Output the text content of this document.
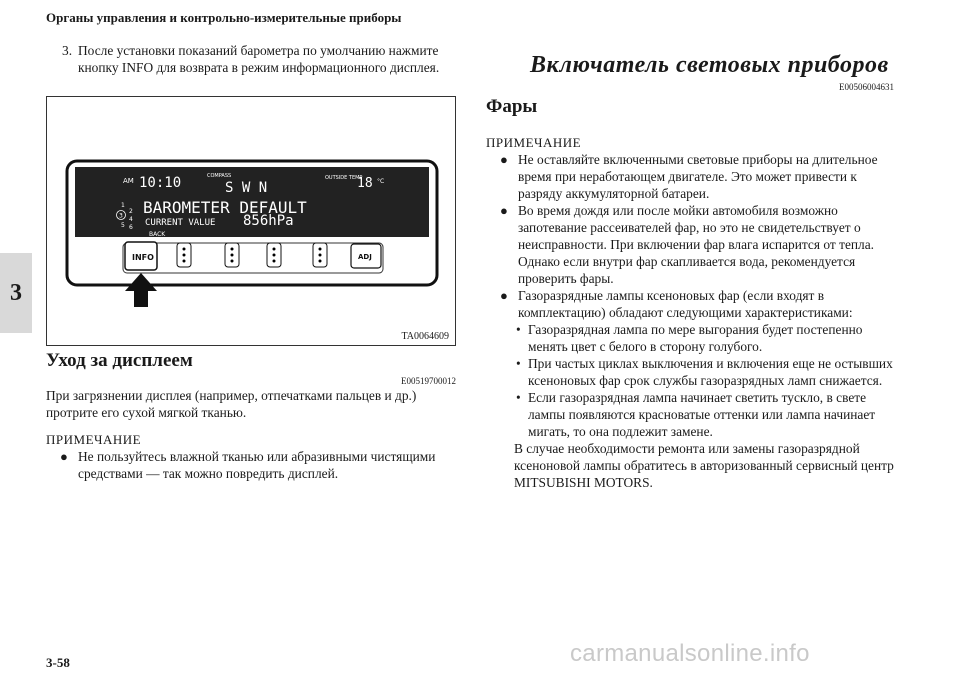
Органы управления и контрольно-измерительные приборы
3
3. После установки показаний барометра по умолчанию нажмите кнопку INFO для возврата в режим информационного дисплея.
AM 10:10	COMPASS
S W N
OUTSIDE TEMP
18 °C
BAROMETER DEFAULT
CURRENT VALUE 856hPa
1
2
3 4
5 6
BACK
INFO	ADJ
TA0064609
Уход за дисплеем
E00519700012
При загрязнении дисплея (например, отпечатками пальцев и др.) протрите его сухой мягкой тканью.
ПРИМЕЧАНИЕ
● Не пользуйтесь влажной тканью или абразивными чистящими средствами — так можно повредить дисплей.
Включатель световых приборов
E00506004631
Фары
ПРИМЕЧАНИЕ
● Не оставляйте включенными световые приборы на длительное время при неработающем двигателе. Это может привести к разряду аккумуляторной батареи.
● Во время дождя или после мойки автомобиля возможно запотевание рассеивателей фар, но это не свидетельствует о неисправности. При включении фар влага испарится от тепла. Однако если внутри фар скапливается вода, рекомендуется проверить фары.
● Газоразрядные лампы ксеноновых фар (если входят в комплектацию) обладают следующими характеристиками:
• Газоразрядная лампа по мере выгорания будет постепенно менять цвет с белого в сторону голубого.
• При частых циклах выключения и включения еще не остывших ксеноновых фар срок службы газоразрядных ламп снижается.
• Если газоразрядная лампа начинает светить тускло, в свете лампы появляются красноватые оттенки или лампа начинает мигать, то она подлежит замене.
В случае необходимости ремонта или замены газоразрядной ксеноновой лампы обратитесь в авторизованный сервисный центр MITSUBISHI MOTORS.
3-58	carmanualsonline.info
